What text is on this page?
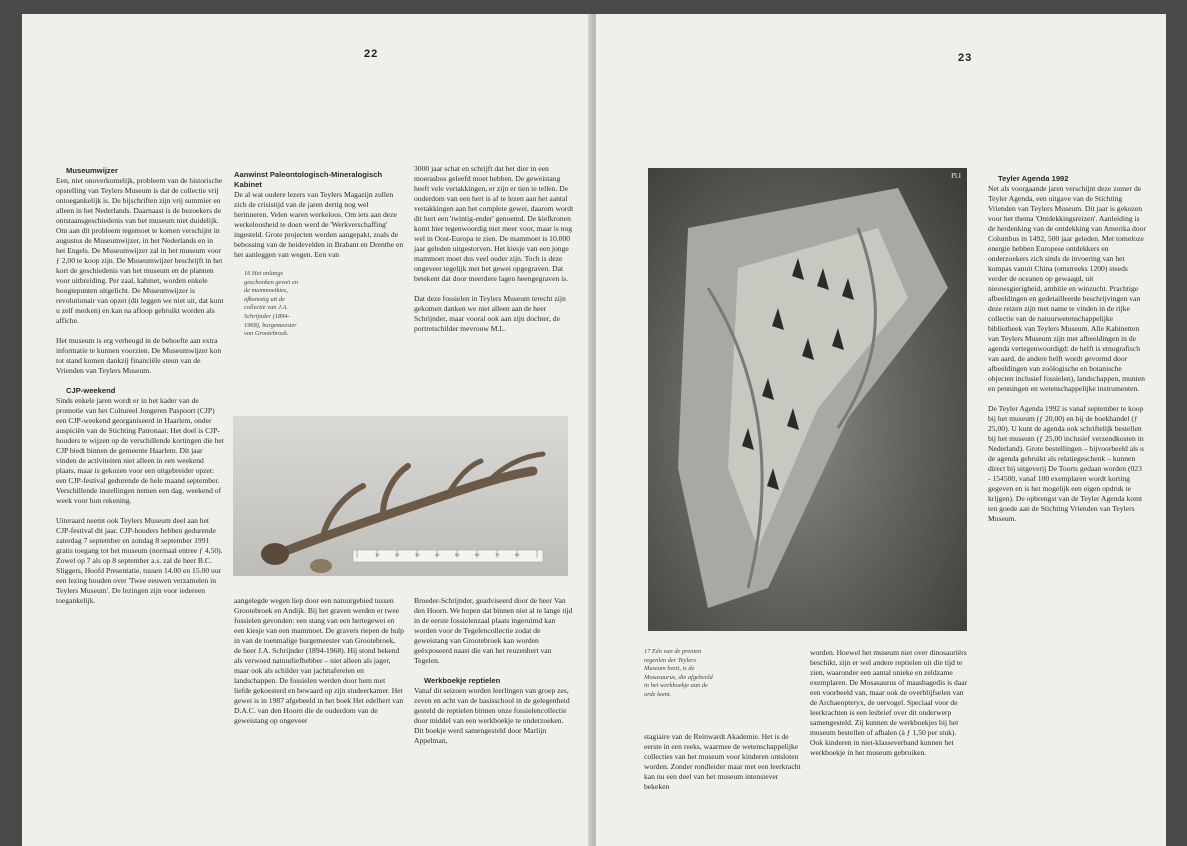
22

Museumwijzer
Een, niet onoverkomelijk, probleem van de historische opstelling van Teylers Museum is dat de collectie vrij ontoegankelijk is. De bijschriften zijn vrij summier en alleen in het Nederlands. Daarnaast is de bezoekers de ontstaansgeschiedenis van het museum niet duidelijk. Om aan dit probleem tegemoet te komen verschijnt in augustus de Museumwijzer, in het Nederlands en in het Engels. De Museumwijzer zal in het museum voor ƒ 2,00 te koop zijn. De Museumwijzer beschrijft in het kort de geschiedenis van het museum en de plannen voor uitbreiding. Per zaal, kabinet, worden enkele hoogtepunten uitgelicht. De Museumwijzer is revolutionair van opzet (dit leggen we niet uit, dat kunt u zelf merken) en kan na afloop gebruikt worden als affiche.

Het museum is erg verheugd in de behoefte aan extra informatie te kunnen voorzien. De Museumwijzer kon tot stand komen dankzij financiële steun van de Vrienden van Teylers Museum.

CJP-weekend
Sinds enkele jaren wordt er in het kader van de promotie van het Cultureel Jongeren Paspoort (CJP) een CJP-weekend georganiseerd in Haarlem, onder auspiciën van de Stichting Patronaat. Het doel is CJP-houders te wijzen op de verschillende kortingen die het CJP biedt binnen de gemeente Haarlem. Dit jaar vinden de activiteiten niet alleen in een weekend plaats, maar is gekozen voor een uitgebreider opzet: een CJP-festival gedurende de hele maand september. Verschillende instellingen nemen een dag, weekend of week voor hun rekening.

Uiteraard neemt ook Teylers Museum deel aan het CJP-festival dit jaar. CJP-houders hebben gedurende zaterdag 7 september en zondag 8 september 1991 gratis toegang tot het museum (normaal entree ƒ 4,50). Zowel op 7 als op 8 september a.s. zal de heer B.C. Sliggers, Hoofd Presentatie, tussen 14.00 en 15.00 uur een lezing houden over 'Twee eeuwen verzamelen in Teylers Museum'. De lezingen zijn voor iedereen toegankelijk.

Aanwinst Paleontologisch-Mineralogisch Kabinet
De al wat oudere lezers van Teylers Magazijn zullen zich de crisistijd van de jaren dertig nog wel herinneren. Velen waren werkeloos. Om iets aan deze werkeloosheid te doen werd de 'Werkverschaffing' ingesteld. Grote projecten werden aangepakt, zoals de bebossing van de heidevelden in Brabant en Drenthe en het aanleggen van wegen. Een van

16 Het onlangs geschonken gewei en de mammoetkies, afkomstig uit de collectie van J.A. Schrijnder (1894-1968), burgemeester van Grootebroek.

3000 jaar schat en schrijft dat het dier in een moerasbos geleefd moet hebben. De geweistang heeft vele vertakkingen, er zijn er tien te tellen. De ouderdom van een hert is af te lezen aan het aantal vertakkingen aan het complete gewei, daarom wordt dit hert een 'twintig-ender' genoemd. De kiefkronen komt hier tegenwoordig niet meer voor, maar is nog wel in Oost-Europa te zien. De mammoet is 10.000 jaar geleden uitgestorven. Het kiesje van een jonge mammoet moet dus veel ouder zijn. Toch is deze ongeveer tegelijk met het gewei opgegraven. Dat betekent dat door meerdere lagen heengegraven is.

Dat deze fossielen in Teylers Museum terecht zijn gekomen danken we niet alleen aan de heer Schrijnder, maar vooral ook aan zijn dochter, de portretschilder mevrouw M.L.

10	20	30	40	50	60	70	80

aangelegde wegen liep door een natuurgebied tussen Grootebroek en Andijk. Bij het graven werden er twee fossielen gevonden: een stang van een hertegewei en een kiesje van een mammoet. De gravers riepen de hulp in van de toenmalige burgemeester van Grootebroek, de heer J.A. Schrijnder (1894-1968). Hij stond bekend als verwoed natuurliefhebber – niet alleen als jager, maar ook als schilder van jachttaferelen en landschappen. De fossielen werden door hem met liefde gekoesterd en bewaard op zijn studeerkamer. Het gewei is in 1987 afgebeeld in het boek Het edelhert van D.A.C. van den Hoorn die de ouderdom van de geweistang op ongeveer

Broeder-Schrijnder, geadviseerd door de heer Van den Hoorn. We hopen dat binnen niet al te lange tijd in de eerste fossielenzaal plaats ingeruimd kan worden voor de Tegelencollectie zodat de geweistang van Grootebroek kan worden geëxposeerd naast die van het reuzenhert van Tegelen.

Werkboekje reptielen
Vanaf dit seizoen worden leerlingen van groep zes, zeven en acht van de basisschool in de gelegenheid gesteld de reptielen binnen onze fossielencollectie door middel van een werkboekje te onderzoeken. Dit boekje werd samengesteld door Marlijn Appelman,

23
Pl.I
17 Eén van de prenten regenlen der Teylers Museum bezit, is de Mosasaurus, die afgebeeld in het werkboekje aan de orde komt.

stagiaire van de Reinwardt Akademie. Het is de eerste in een reeks, waarmee de wetenschappelijke collecties van het museum voor kinderen ontsloten worden. Zonder rondleider maar met een leerkracht kan nu een deel van het museum intensiever bekeken

worden. Hoewel het museum niet over dinosauriërs beschikt, zijn er wel andere reptielen uit die tijd te zien, waaronder een aantal unieke en zeldzame exemplaren. De Mosasaurus of maasbagedis is daar een voorbeeld van, maar ook de overblijfselen van de Archaeopteryx, de oervogel. Speciaal voor de leerkrachten is een lesbrief over dit onderwerp samengesteld. Zij kunnen de werkboekjes bij het museum bestellen of afhalen (à ƒ 1,50 per stuk). Ook kinderen in niet-klasseverband kunnen het werkboekje in het museum gebruiken.

Teyler Agenda 1992
Net als voorgaande jaren verschijnt deze zomer de Teyler Agenda, een uitgave van de Stichting Vrienden van Teylers Museum. Dit jaar is gekozen voor het thema 'Ontdekkingsreizen'. Aanleiding is de herdenking van de ontdekking van Amerika door Columbus in 1492, 500 jaar geleden. Met tomeloze energie hebben Europese ontdekkers en onderzoekers zich sinds de invoering van het kompas vanuit China (omstreeks 1200) steeds verder de oceanen op gewaagd, uit nieuwsgierigheid, ambitie en winzucht. Prachtige afbeeldingen en gedetailleerde beschrijvingen van deze reizen zijn met name te vinden in de rijke collectie van de natuurwetenschappelijke bibliotheek van Teylers Museum. Alle Kabinetten van Teylers Museum zijn met afbeeldingen in de agenda vertegenwoordigd: de helft is etnografisch van aard, de andere helft wordt gevormd door afbeeldingen van zoölogische en botanische objecten inclusief fossielen), landschappen, munten en penningen en wetenschappelijke instrumenten.

De Teyler Agenda 1992 is vanaf september te koop bij het museum (ƒ 20,00) en bij de boekhandel (ƒ 25,00). U kunt de agenda ook schriftelijk bestellen bij het museum (ƒ 25,00 inclusief verzendkosten in Nederland). Grote bestellingen – bijvoorbeeld als u de agenda gebruikt als relatiegeschenk – kunnen direct bij uitgeverij De Toorts gedaan worden (023 - 154500, vanaf 100 exemplaren wordt korting gegeven en is het mogelijk een eigen opdruk te krijgen). De opbrengst van de Teyler Agenda komt ten goede aan de Stichting Vrienden van Teylers Museum.
